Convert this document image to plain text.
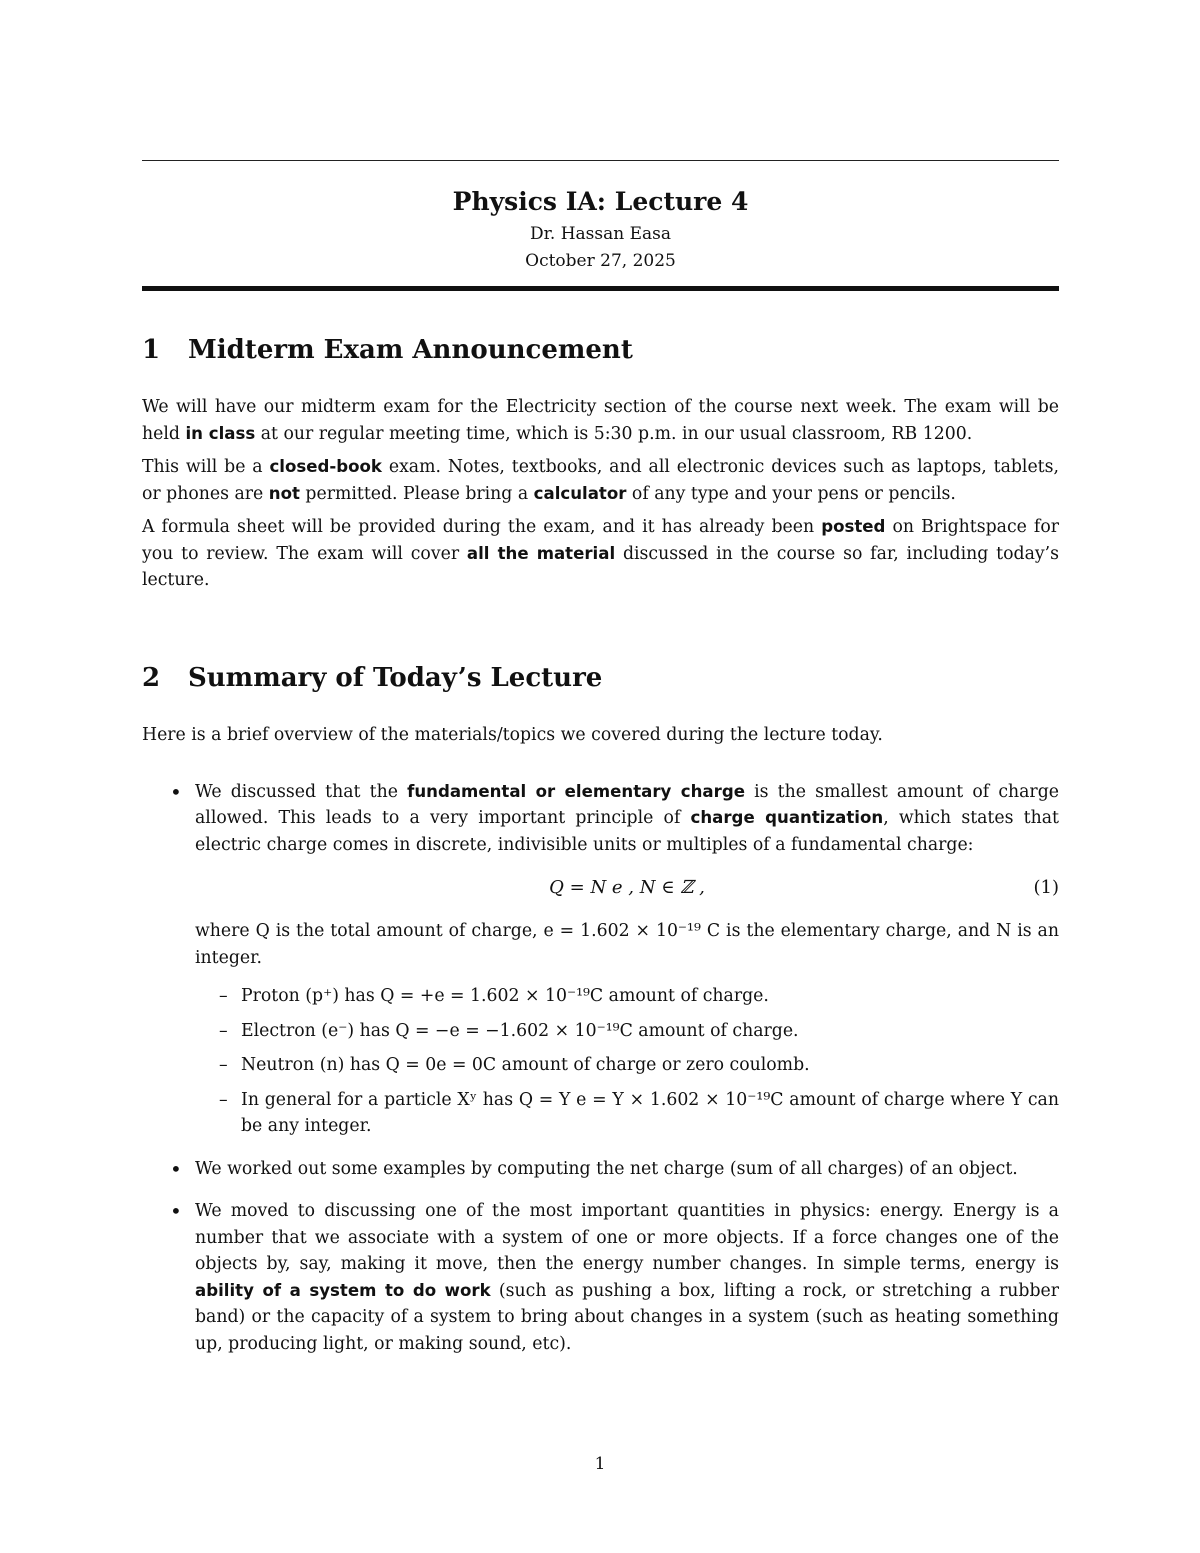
Physics IA: Lecture 4
Dr. Hassan Easa
October 27, 2025
1 Midterm Exam Announcement

We will have our midterm exam for the Electricity section of the course next week. The exam will be held in class at our regular meeting time, which is 5:30 p.m. in our usual classroom, RB 1200.

This will be a closed-book exam. Notes, textbooks, and all electronic devices such as laptops, tablets, or phones are not permitted. Please bring a calculator of any type and your pens or pencils.

A formula sheet will be provided during the exam, and it has already been posted on Brightspace for you to review. The exam will cover all the material discussed in the course so far, including today’s lecture.

2 Summary of Today’s Lecture

Here is a brief overview of the materials/topics we covered during the lecture today.

• We discussed that the fundamental or elementary charge is the smallest amount of charge allowed. This leads to a very important principle of charge quantization, which states that electric charge comes in discrete, indivisible units or multiples of a fundamental charge:

Q = N e , N ∈ ℤ ,	(1)

where Q is the total amount of charge, e = 1.602 × 10⁻¹⁹ C is the elementary charge, and N is an integer.

– Proton (p⁺) has Q = +e = 1.602 × 10⁻¹⁹C amount of charge.
– Electron (e⁻) has Q = −e = −1.602 × 10⁻¹⁹C amount of charge.
– Neutron (n) has Q = 0e = 0C amount of charge or zero coulomb.
– In general for a particle Xʸ has Q = Y e = Y × 1.602 × 10⁻¹⁹C amount of charge where Y can be any integer.

• We worked out some examples by computing the net charge (sum of all charges) of an object.

• We moved to discussing one of the most important quantities in physics: energy. Energy is a number that we associate with a system of one or more objects. If a force changes one of the objects by, say, making it move, then the energy number changes. In simple terms, energy is ability of a system to do work (such as pushing a box, lifting a rock, or stretching a rubber band) or the capacity of a system to bring about changes in a system (such as heating something up, producing light, or making sound, etc).

1
